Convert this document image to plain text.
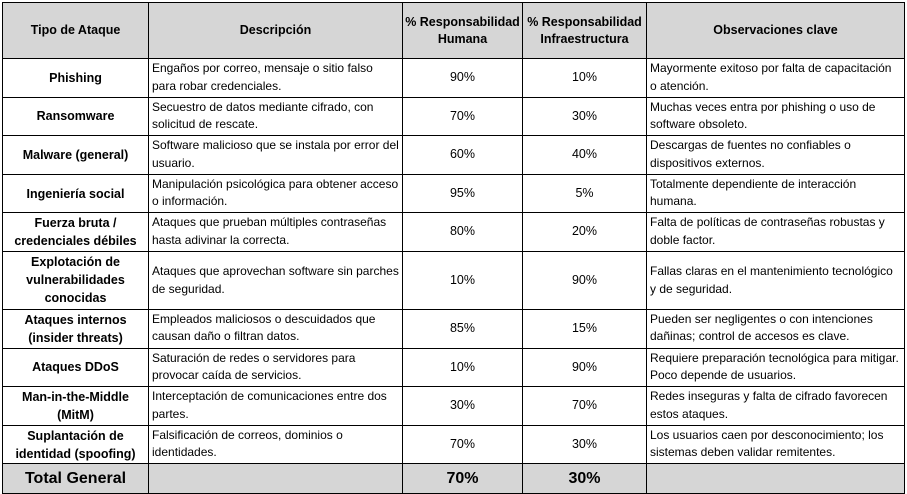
Tipo de Ataque	Descripción	% Responsabilidad Humana	% Responsabilidad Infraestructura	Observaciones clave
Phishing	Engaños por correo, mensaje o sitio falso para robar credenciales.	90%	10%	Mayormente exitoso por falta de capacitación o atención.
Ransomware	Secuestro de datos mediante cifrado, con solicitud de rescate.	70%	30%	Muchas veces entra por phishing o uso de software obsoleto.
Malware (general)	Software malicioso que se instala por error del usuario.	60%	40%	Descargas de fuentes no confiables o dispositivos externos.
Ingeniería social	Manipulación psicológica para obtener acceso o información.	95%	5%	Totalmente dependiente de interacción humana.
Fuerza bruta / credenciales débiles	Ataques que prueban múltiples contraseñas hasta adivinar la correcta.	80%	20%	Falta de políticas de contraseñas robustas y doble factor.
Explotación de vulnerabilidades conocidas	Ataques que aprovechan software sin parches de seguridad.	10%	90%	Fallas claras en el mantenimiento tecnológico y de seguridad.
Ataques internos (insider threats)	Empleados maliciosos o descuidados que causan daño o filtran datos.	85%	15%	Pueden ser negligentes o con intenciones dañinas; control de accesos es clave.
Ataques DDoS	Saturación de redes o servidores para provocar caída de servicios.	10%	90%	Requiere preparación tecnológica para mitigar. Poco depende de usuarios.
Man-in-the-Middle (MitM)	Interceptación de comunicaciones entre dos partes.	30%	70%	Redes inseguras y falta de cifrado favorecen estos ataques.
Suplantación de identidad (spoofing)	Falsificación de correos, dominios o identidades.	70%	30%	Los usuarios caen por desconocimiento; los sistemas deben validar remitentes.
Total General		70%	30%	
